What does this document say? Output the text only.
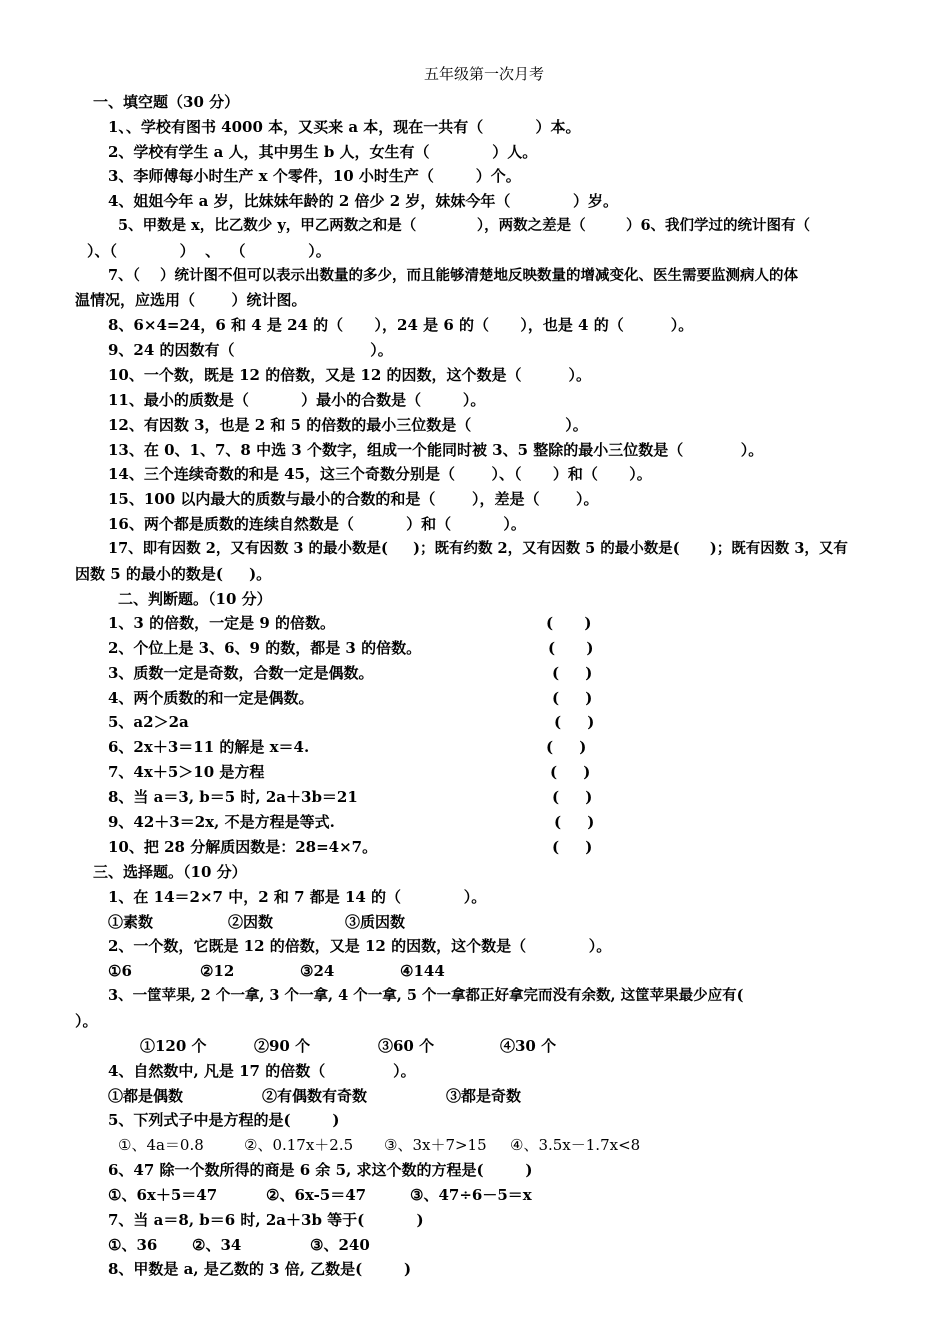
五年级第一次月考
一、填空题（30 分）
1、、学校有图书 4000 本，又买来 a 本，现在一共有（          ）本。
2、学校有学生 a 人，其中男生 b 人，女生有（            ）人。
3、李师傅每小时生产 x 个零件，10 小时生产（        ）个。
4、姐姐今年 a 岁，比妹妹年龄的 2 倍少 2 岁，妹妹今年（            ）岁。
5、甲数是 x，比乙数少 y，甲乙两数之和是（            ），两数之差是（        ）6、我们学过的统计图有（
）、（            ）  、  （            ）。
7、（    ）统计图不但可以表示出数量的多少，而且能够清楚地反映数量的增减变化、医生需要监测病人的体
温情况，应选用（       ）统计图。
8、6×4=24，6 和 4 是 24 的（      ），24 是 6 的（      ），也是 4 的（         ）。
9、24 的因数有（                          ）。
10、一个数，既是 12 的倍数，又是 12 的因数，这个数是（         ）。
11、最小的质数是（          ）最小的合数是（        ）。
12、有因数 3，也是 2 和 5 的倍数的最小三位数是（                  ）。
13、在 0、1、7、8 中选 3 个数字，组成一个能同时被 3、5 整除的最小三位数是（           ）。
14、三个连续奇数的和是 45，这三个奇数分别是（       ）、（      ）和（      ）。
15、100 以内最大的质数与最小的合数的和是（       ），差是（       ）。
16、两个都是质数的连续自然数是（          ）和（          ）。
17、即有因数 2，又有因数 3 的最小数是(     )；既有约数 2，又有因数 5 的最小数是(      )；既有因数 3，又有
因数 5 的最小的数是(     )。
二、判断题。（10 分）
1、3 的倍数，一定是 9 的倍数。	(      )
2、个位上是 3、6、9 的数，都是 3 的倍数。	(      )
3、质数一定是奇数，合数一定是偶数。	(     )
4、两个质数的和一定是偶数。	(     )
5、a2＞2a	(     )
6、2x＋3＝11 的解是 x＝4.	(     )
7、4x＋5＞10 是方程	(     )
8、当 a＝3, b＝5 时, 2a＋3b＝21	(     )
9、42＋3＝2x, 不是方程是等式.	(     )
10、把 28 分解质因数是：28=4×7。	(     )
三、选择题。（10 分）
1、在 14＝2×7 中，2 和 7 都是 14 的（            ）。
①素数	②因数	③质因数
2、一个数，它既是 12 的倍数，又是 12 的因数，这个数是（            ）。
①6	②12	③24	④144
3、一筐苹果, 2 个一拿, 3 个一拿, 4 个一拿, 5 个一拿都正好拿完而没有余数, 这筐苹果最少应有(
）。
①120 个	②90 个	③60 个	④30 个
4、自然数中, 凡是 17 的倍数（             ）。
①都是偶数	②有偶数有奇数	③都是奇数
5、下列式子中是方程的是(        )
①、4a＝0.8	②、0.17x＋2.5 ③、3x＋7>15 ④、3.5x－1.7x<8
6、47 除一个数所得的商是 6 余 5, 求这个数的方程是(        )
①、6x＋5＝47	②、6x-5＝47	③、47÷6－5＝x
7、当 a＝8, b＝6 时, 2a＋3b 等于(          )
①、36 ②、34	③、240
8、甲数是 a, 是乙数的 3 倍, 乙数是(        )
